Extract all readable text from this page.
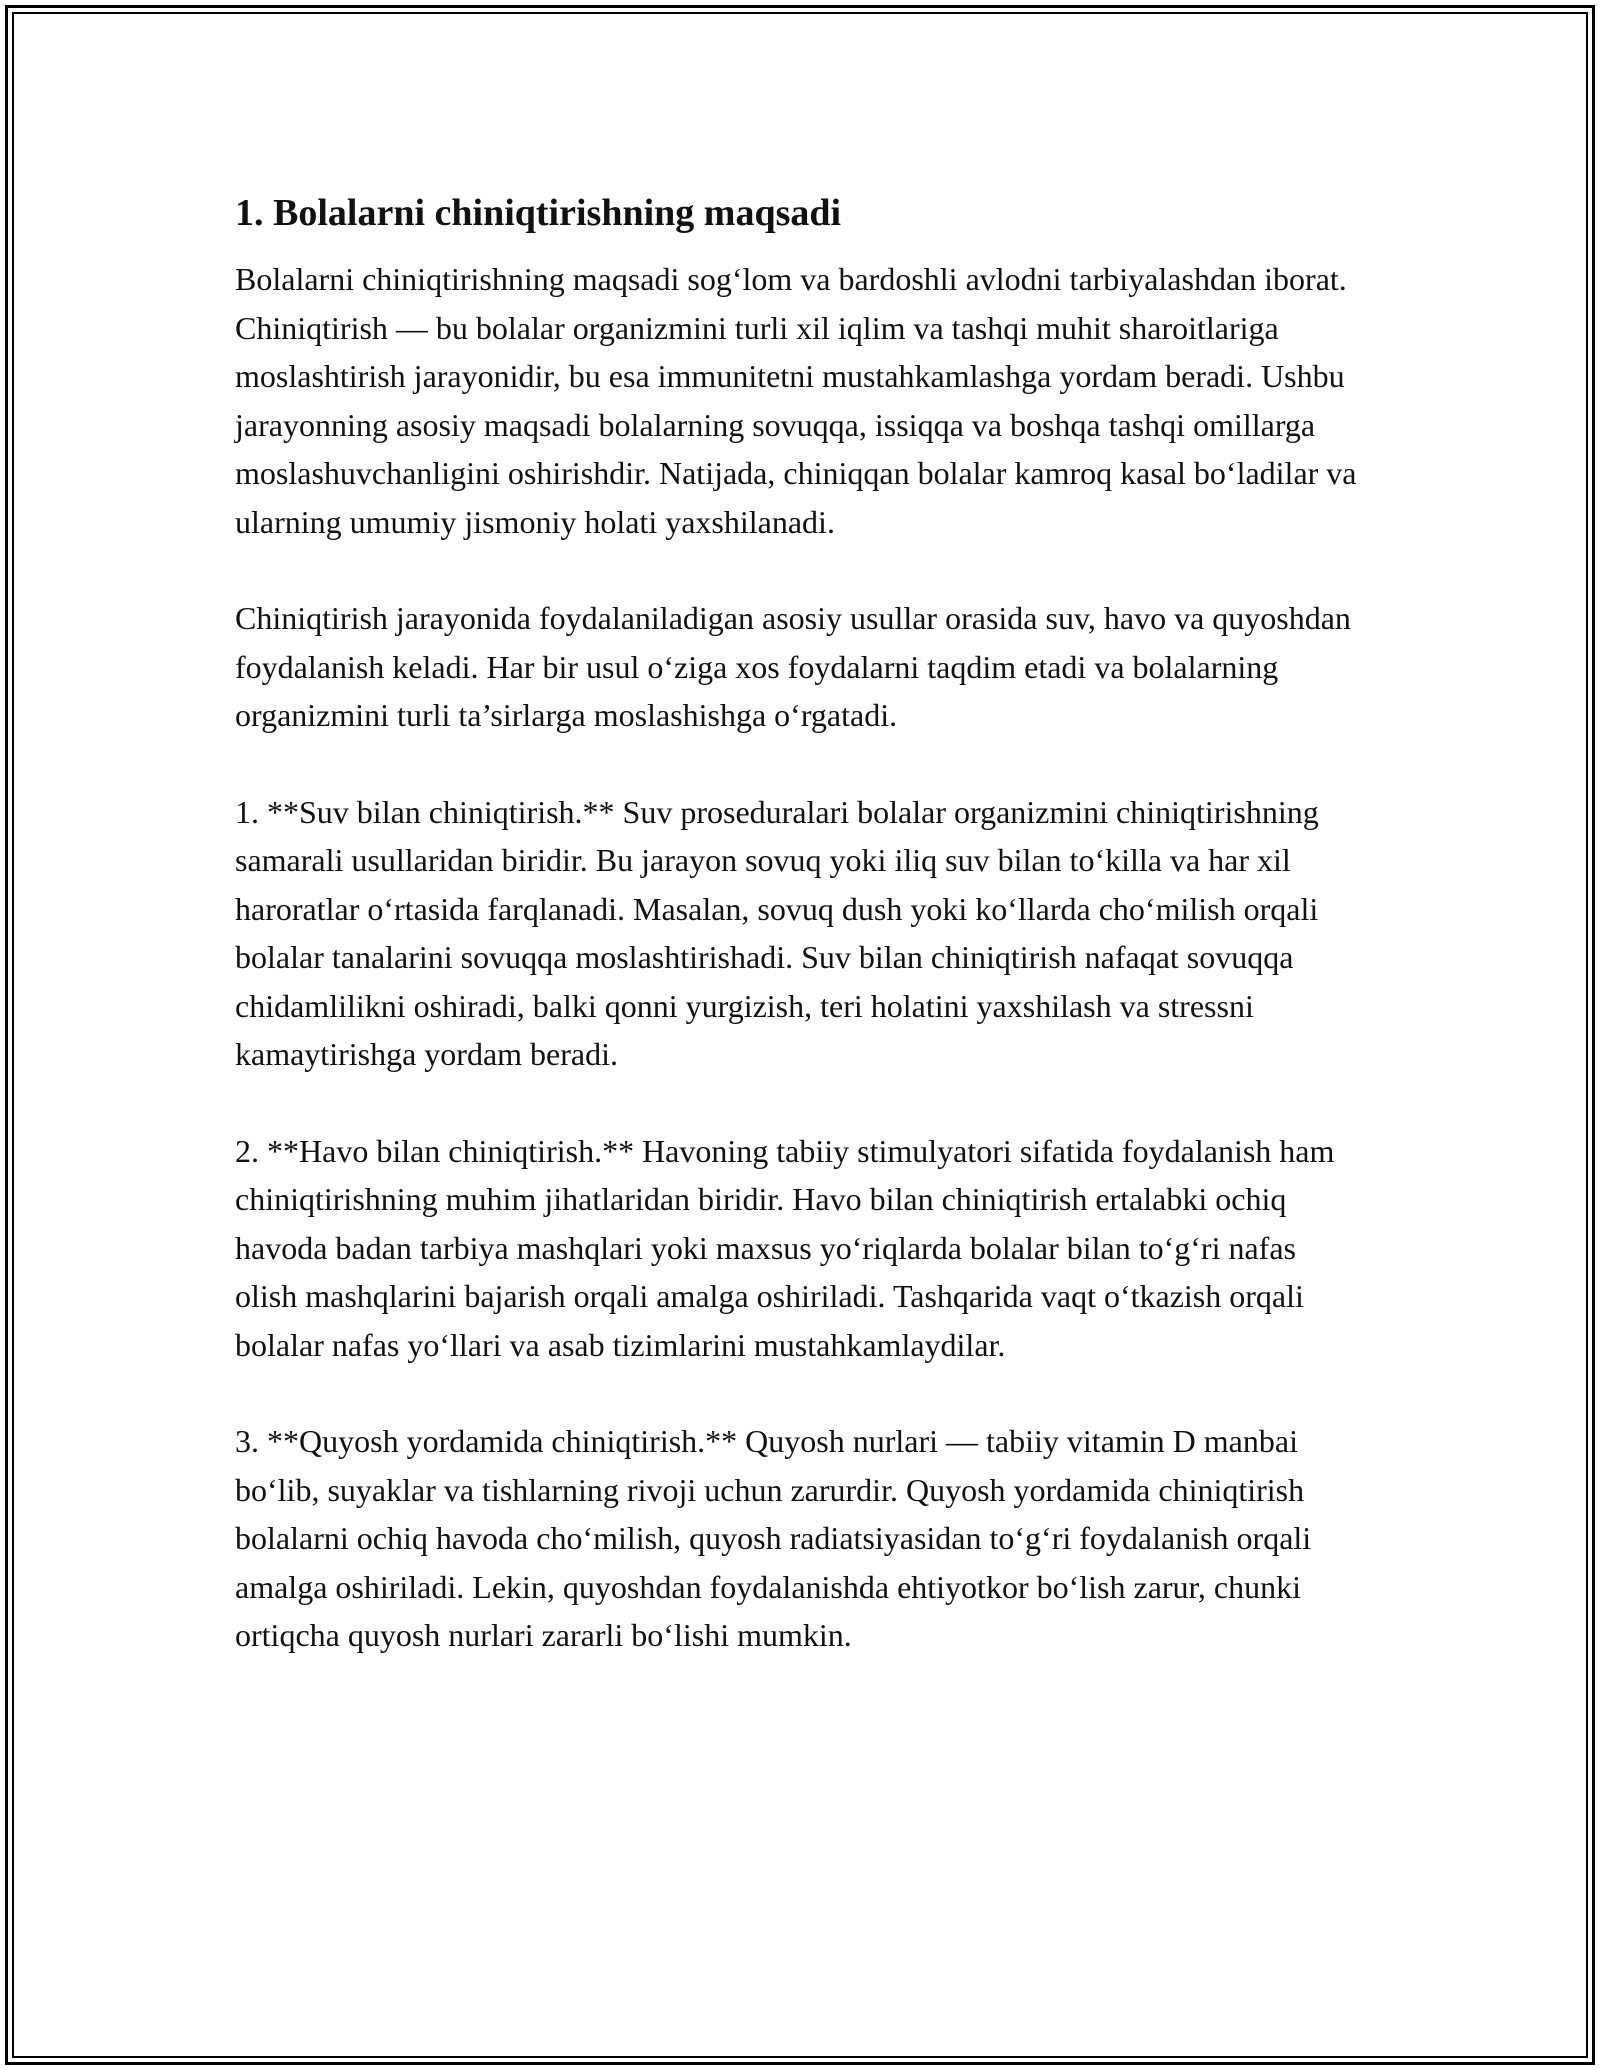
1. Bolalarni chiniqtirishning maqsadi

Bolalarni chiniqtirishning maqsadi sog‘lom va bardoshli avlodni tarbiyalashdan iborat. Chiniqtirish — bu bolalar organizmini turli xil iqlim va tashqi muhit sharoitlariga moslashtirish jarayonidir, bu esa immunitetni mustahkamlashga yordam beradi. Ushbu jarayonning asosiy maqsadi bolalarning sovuqqa, issiqqa va boshqa tashqi omillarga moslashuvchanligini oshirishdir. Natijada, chiniqqan bolalar kamroq kasal bo‘ladilar va ularning umumiy jismoniy holati yaxshilanadi.

Chiniqtirish jarayonida foydalaniladigan asosiy usullar orasida suv, havo va quyoshdan foydalanish keladi. Har bir usul o‘ziga xos foydalarni taqdim etadi va bolalarning organizmini turli ta’sirlarga moslashishga o‘rgatadi.

1. **Suv bilan chiniqtirish.** Suv proseduralari bolalar organizmini chiniqtirishning samarali usullaridan biridir. Bu jarayon sovuq yoki iliq suv bilan to‘killa va har xil haroratlar o‘rtasida farqlanadi. Masalan, sovuq dush yoki ko‘llarda cho‘milish orqali bolalar tanalarini sovuqqa moslashtirishadi. Suv bilan chiniqtirish nafaqat sovuqqa chidamlilikni oshiradi, balki qonni yurgizish, teri holatini yaxshilash va stressni kamaytirishga yordam beradi.

2. **Havo bilan chiniqtirish.** Havoning tabiiy stimulyatori sifatida foydalanish ham chiniqtirishning muhim jihatlaridan biridir. Havo bilan chiniqtirish ertalabki ochiq havoda badan tarbiya mashqlari yoki maxsus yo‘riqlarda bolalar bilan to‘g‘ri nafas olish mashqlarini bajarish orqali amalga oshiriladi. Tashqarida vaqt o‘tkazish orqali bolalar nafas yo‘llari va asab tizimlarini mustahkamlaydilar.

3. **Quyosh yordamida chiniqtirish.** Quyosh nurlari — tabiiy vitamin D manbai bo‘lib, suyaklar va tishlarning rivoji uchun zarurdir. Quyosh yordamida chiniqtirish bolalarni ochiq havoda cho‘milish, quyosh radiatsiyasidan to‘g‘ri foydalanish orqali amalga oshiriladi. Lekin, quyoshdan foydalanishda ehtiyotkor bo‘lish zarur, chunki ortiqcha quyosh nurlari zararli bo‘lishi mumkin.
